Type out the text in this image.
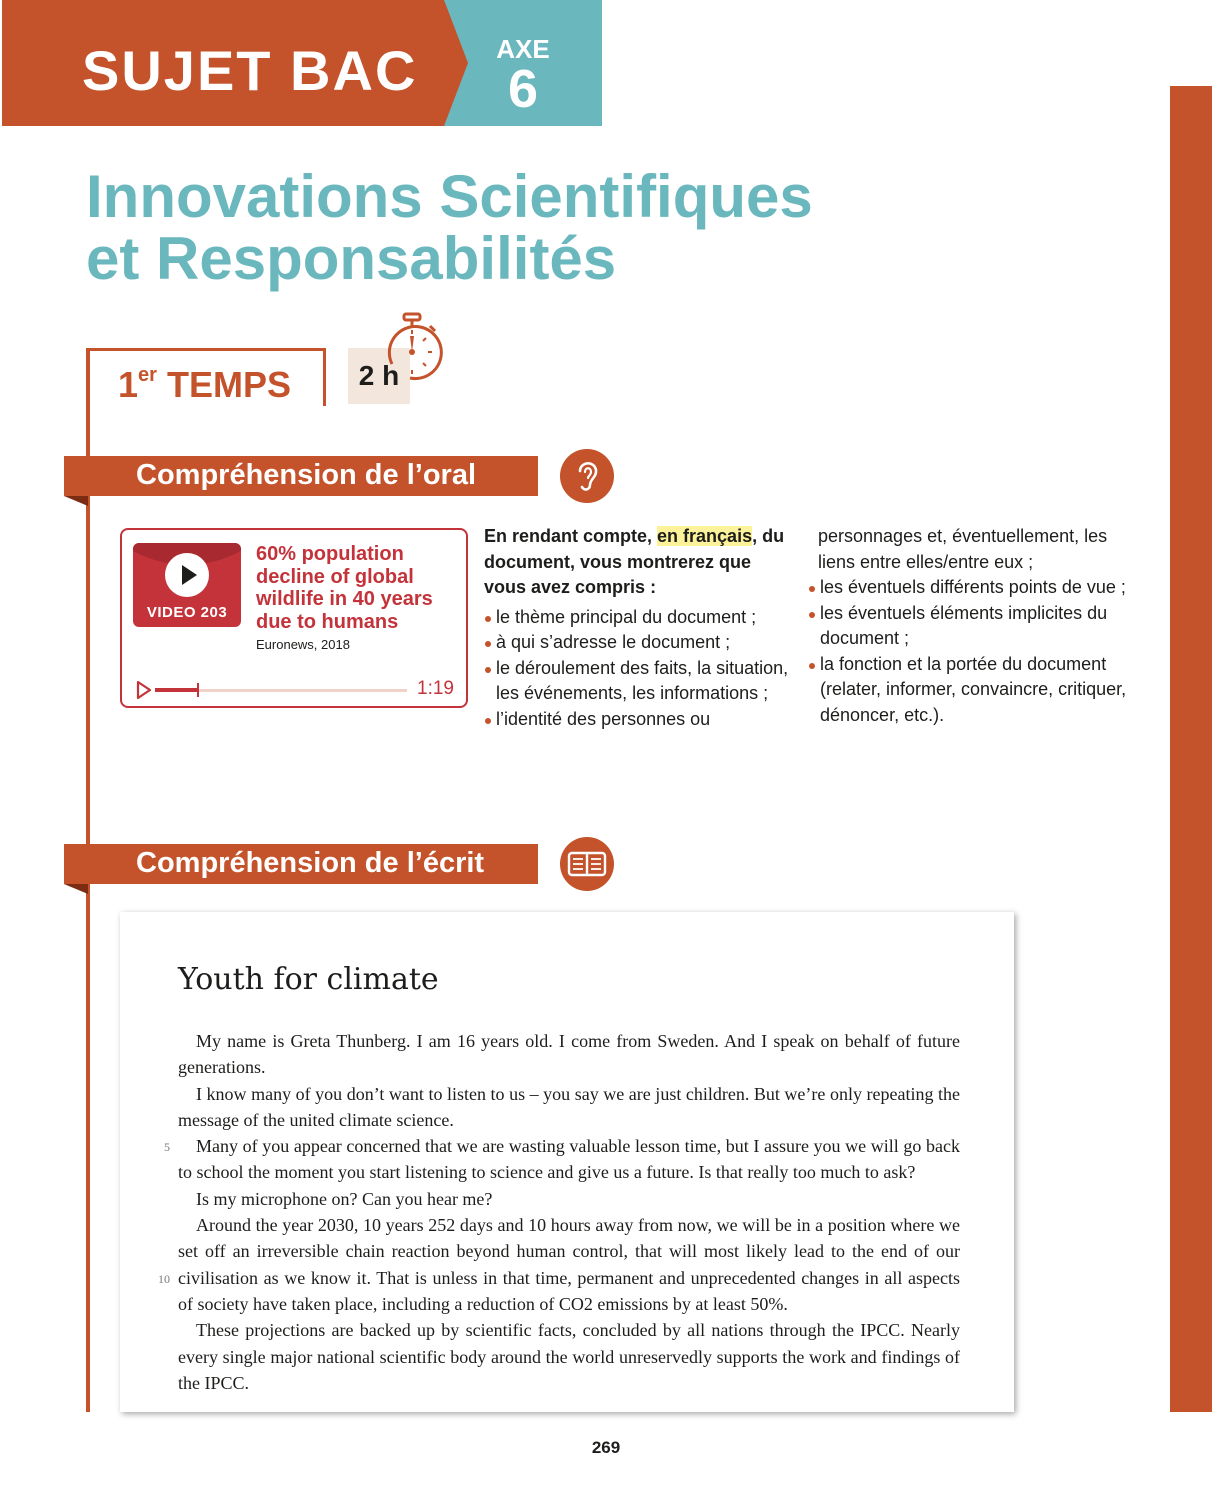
SUJET BAC	AXE
6
Innovations Scientifiques
et Responsabilités
1er TEMPS	2 h
Compréhension de l’oral
VIDEO 203
60% population decline of global wildlife in 40 years due to humans
Euronews, 2018
1:19
En rendant compte, en français, du document, vous montrerez que vous avez compris :
le thème principal du document ;
à qui s’adresse le document ;
le déroulement des faits, la situation, les événements, les informations ;
l’identité des personnes ou
personnages et, éventuellement, les liens entre elles/entre eux ;
les éventuels différents points de vue ;
les éventuels éléments implicites du document ;
la fonction et la portée du document (relater, informer, convaincre, critiquer, dénoncer, etc.).
Compréhension de l’écrit
Youth for climate

My name is Greta Thunberg. I am 16 years old. I come from Sweden. And I speak on behalf of future generations.

I know many of you don’t want to listen to us – you say we are just children. But we’re only repeating the message of the united climate science.

Many of you appear concerned that we are wasting valuable lesson time, but I assure you we will go back to school the moment you start listening to science and give us a future. Is that really too much to ask?

Is my microphone on? Can you hear me?

Around the year 2030, 10 years 252 days and 10 hours away from now, we will be in a position where we set off an irreversible chain reaction beyond human control, that will most likely lead to the end of our civilisation as we know it. That is unless in that time, permanent and unprecedented changes in all aspects of society have taken place, including a reduction of CO2 emissions by at least 50%.

These projections are backed up by scientific facts, concluded by all nations through the IPCC. Nearly every single major national scientific body around the world unreservedly supports the work and findings of the IPCC.

5
10
269
